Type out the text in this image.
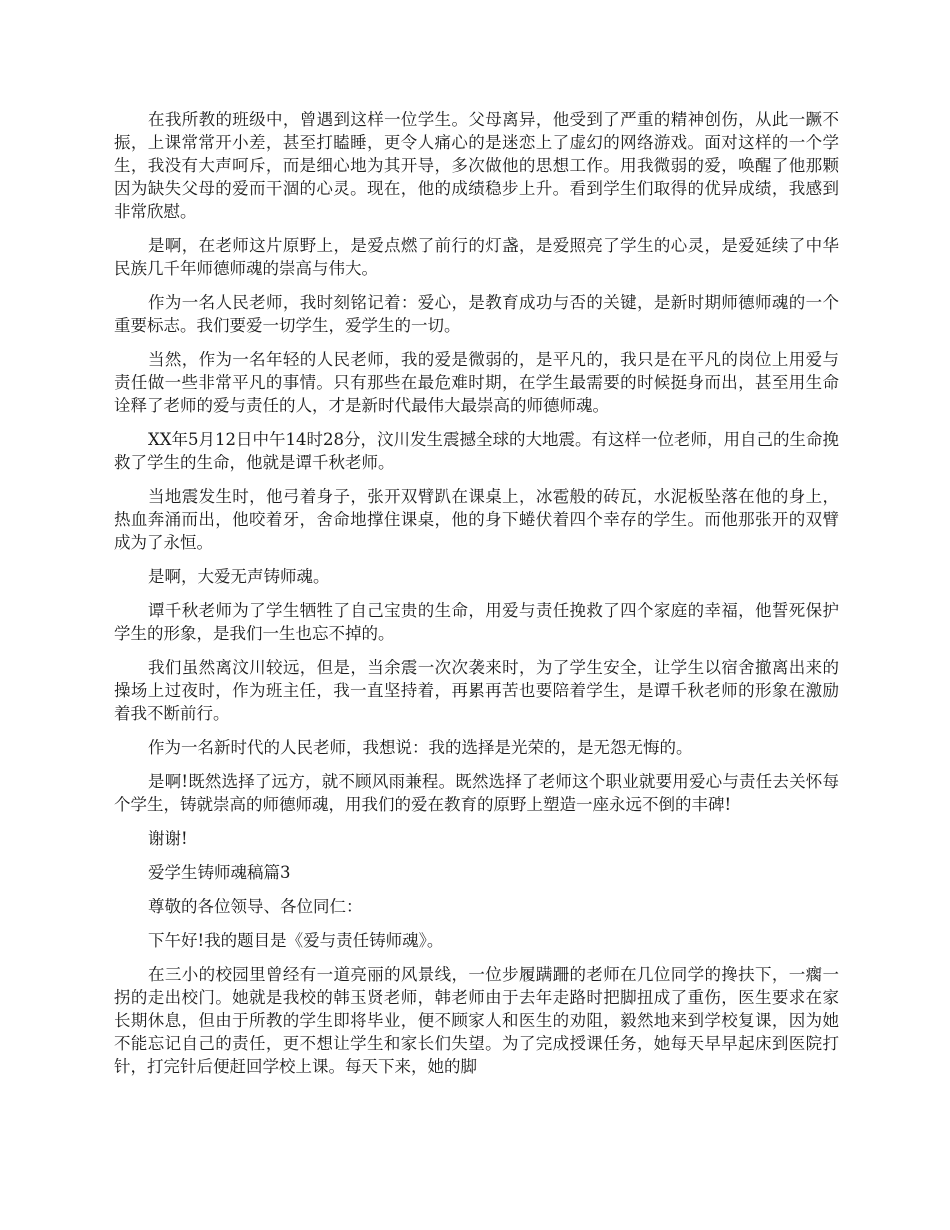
在我所教的班级中，曾遇到这样一位学生。父母离异，他受到了严重的精神创伤，从此一蹶不振，上课常常开小差，甚至打瞌睡，更令人痛心的是迷恋上了虚幻的网络游戏。面对这样的一个学生，我没有大声呵斥，而是细心地为其开导，多次做他的思想工作。用我微弱的爱，唤醒了他那颗因为缺失父母的爱而干涸的心灵。现在，他的成绩稳步上升。看到学生们取得的优异成绩，我感到非常欣慰。

是啊，在老师这片原野上，是爱点燃了前行的灯盏，是爱照亮了学生的心灵，是爱延续了中华民族几千年师德师魂的崇高与伟大。

作为一名人民老师，我时刻铭记着：爱心，是教育成功与否的关键，是新时期师德师魂的一个重要标志。我们要爱一切学生，爱学生的一切。

当然，作为一名年轻的人民老师，我的爱是微弱的，是平凡的，我只是在平凡的岗位上用爱与责任做一些非常平凡的事情。只有那些在最危难时期，在学生最需要的时候挺身而出，甚至用生命诠释了老师的爱与责任的人，才是新时代最伟大最崇高的师德师魂。

XX年5月12日中午14时28分，汶川发生震撼全球的大地震。有这样一位老师，用自己的生命挽救了学生的生命，他就是谭千秋老师。

当地震发生时，他弓着身子，张开双臂趴在课桌上，冰雹般的砖瓦，水泥板坠落在他的身上，热血奔涌而出，他咬着牙，舍命地撑住课桌，他的身下蜷伏着四个幸存的学生。而他那张开的双臂成为了永恒。

是啊，大爱无声铸师魂。

谭千秋老师为了学生牺牲了自己宝贵的生命，用爱与责任挽救了四个家庭的幸福，他誓死保护学生的形象，是我们一生也忘不掉的。

我们虽然离汶川较远，但是，当余震一次次袭来时，为了学生安全，让学生以宿舍撤离出来的操场上过夜时，作为班主任，我一直坚持着，再累再苦也要陪着学生，是谭千秋老师的形象在激励着我不断前行。

作为一名新时代的人民老师，我想说：我的选择是光荣的，是无怨无悔的。

是啊!既然选择了远方，就不顾风雨兼程。既然选择了老师这个职业就要用爱心与责任去关怀每个学生，铸就崇高的师德师魂，用我们的爱在教育的原野上塑造一座永远不倒的丰碑!

谢谢!

爱学生铸师魂稿篇3

尊敬的各位领导、各位同仁：

下午好!我的题目是《爱与责任铸师魂》。

在三小的校园里曾经有一道亮丽的风景线，一位步履蹒跚的老师在几位同学的搀扶下，一瘸一拐的走出校门。她就是我校的韩玉贤老师，韩老师由于去年走路时把脚扭成了重伤，医生要求在家长期休息，但由于所教的学生即将毕业，便不顾家人和医生的劝阻，毅然地来到学校复课，因为她不能忘记自己的责任，更不想让学生和家长们失望。为了完成授课任务，她每天早早起床到医院打针，打完针后便赶回学校上课。每天下来，她的脚
